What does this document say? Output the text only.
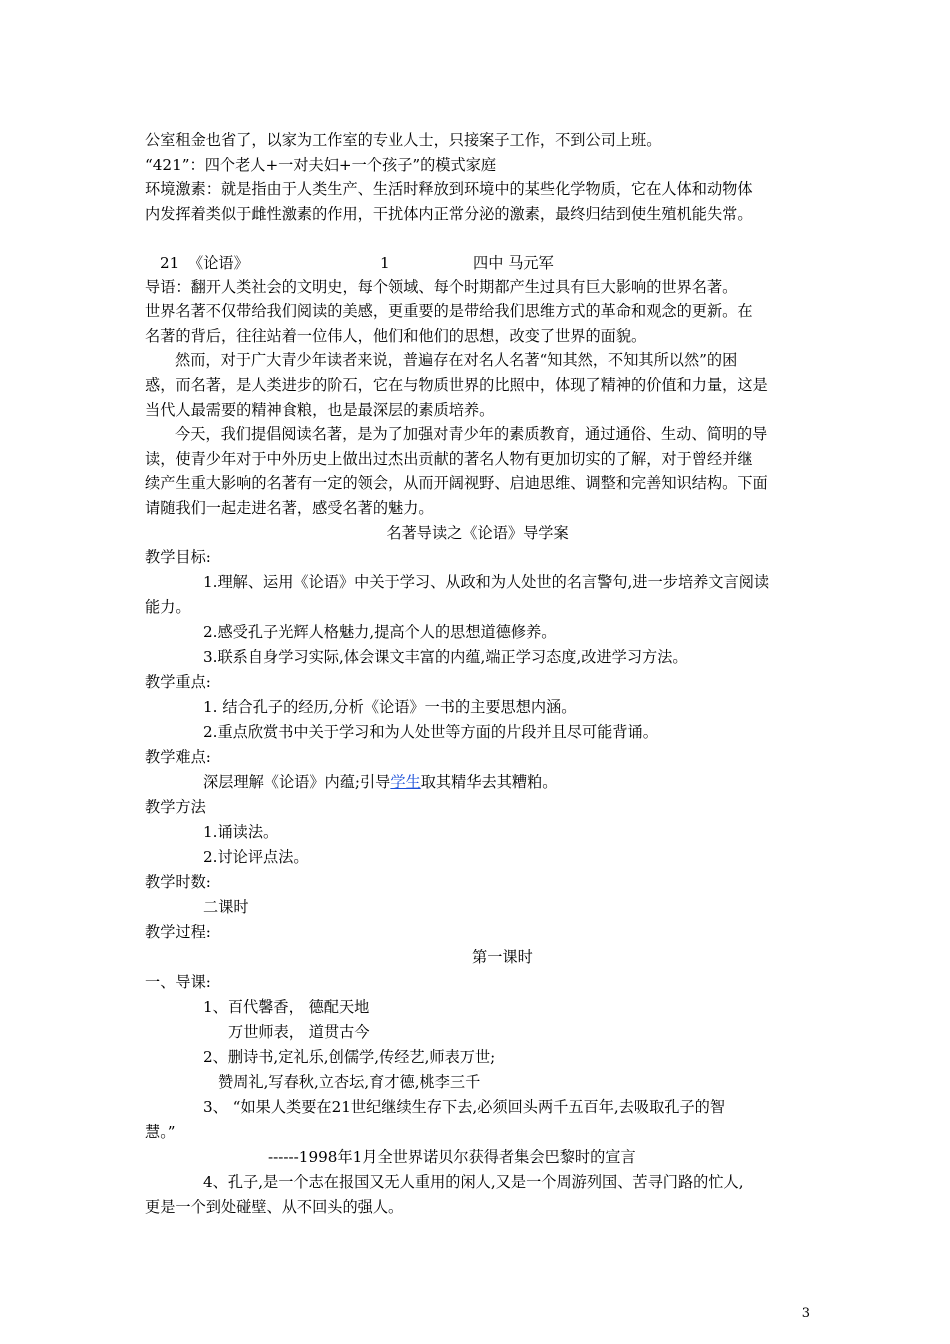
公室租金也省了，以家为工作室的专业人士，只接案子工作，不到公司上班。
“421”：四个老人+一对夫妇+一个孩子”的模式家庭
环境激素：就是指由于人类生产、生活时释放到环境中的某些化学物质，它在人体和动物体
内发挥着类似于雌性激素的作用，干扰体内正常分泌的激素，最终归结到使生殖机能失常。
21 《论语》	1	四中 马元军
导语：翻开人类社会的文明史，每个领域、每个时期都产生过具有巨大影响的世界名著。
世界名著不仅带给我们阅读的美感，更重要的是带给我们思维方式的革命和观念的更新。在
名著的背后，往往站着一位伟人，他们和他们的思想，改变了世界的面貌。
然而，对于广大青少年读者来说，普遍存在对名人名著“知其然，不知其所以然”的困
惑，而名著，是人类进步的阶石，它在与物质世界的比照中，体现了精神的价值和力量，这是
当代人最需要的精神食粮，也是最深层的素质培养。
今天，我们提倡阅读名著，是为了加强对青少年的素质教育，通过通俗、生动、简明的导
读，使青少年对于中外历史上做出过杰出贡献的著名人物有更加切实的了解，对于曾经并继
续产生重大影响的名著有一定的领会，从而开阔视野、启迪思维、调整和完善知识结构。下面
请随我们一起走进名著，感受名著的魅力。
名著导读之《论语》导学案
教学目标:
1.理解、运用《论语》中关于学习、从政和为人处世的名言警句,进一步培养文言阅读
能力。
2.感受孔子光辉人格魅力,提高个人的思想道德修养。
3.联系自身学习实际,体会课文丰富的内蕴,端正学习态度,改进学习方法。
教学重点:
1. 结合孔子的经历,分析《论语》一书的主要思想内涵。
2.重点欣赏书中关于学习和为人处世等方面的片段并且尽可能背诵。
教学难点:
深层理解《论语》内蕴;引导学生取其精华去其糟粕。
教学方法
1.诵读法。
2.讨论评点法。
教学时数:
二课时
教学过程:
第一课时
一、导课:
1、百代馨香， 德配天地
万世师表， 道贯古今
2、删诗书,定礼乐,创儒学,传经艺,师表万世;
赞周礼,写春秋,立杏坛,育才德,桃李三千
3、 “如果人类要在21世纪继续生存下去,必须回头两千五百年,去吸取孔子的智
慧。”
------1998年1月全世界诺贝尔获得者集会巴黎时的宣言
4、孔子,是一个志在报国又无人重用的闲人,又是一个周游列国、苦寻门路的忙人,
更是一个到处碰壁、从不回头的强人。
3
